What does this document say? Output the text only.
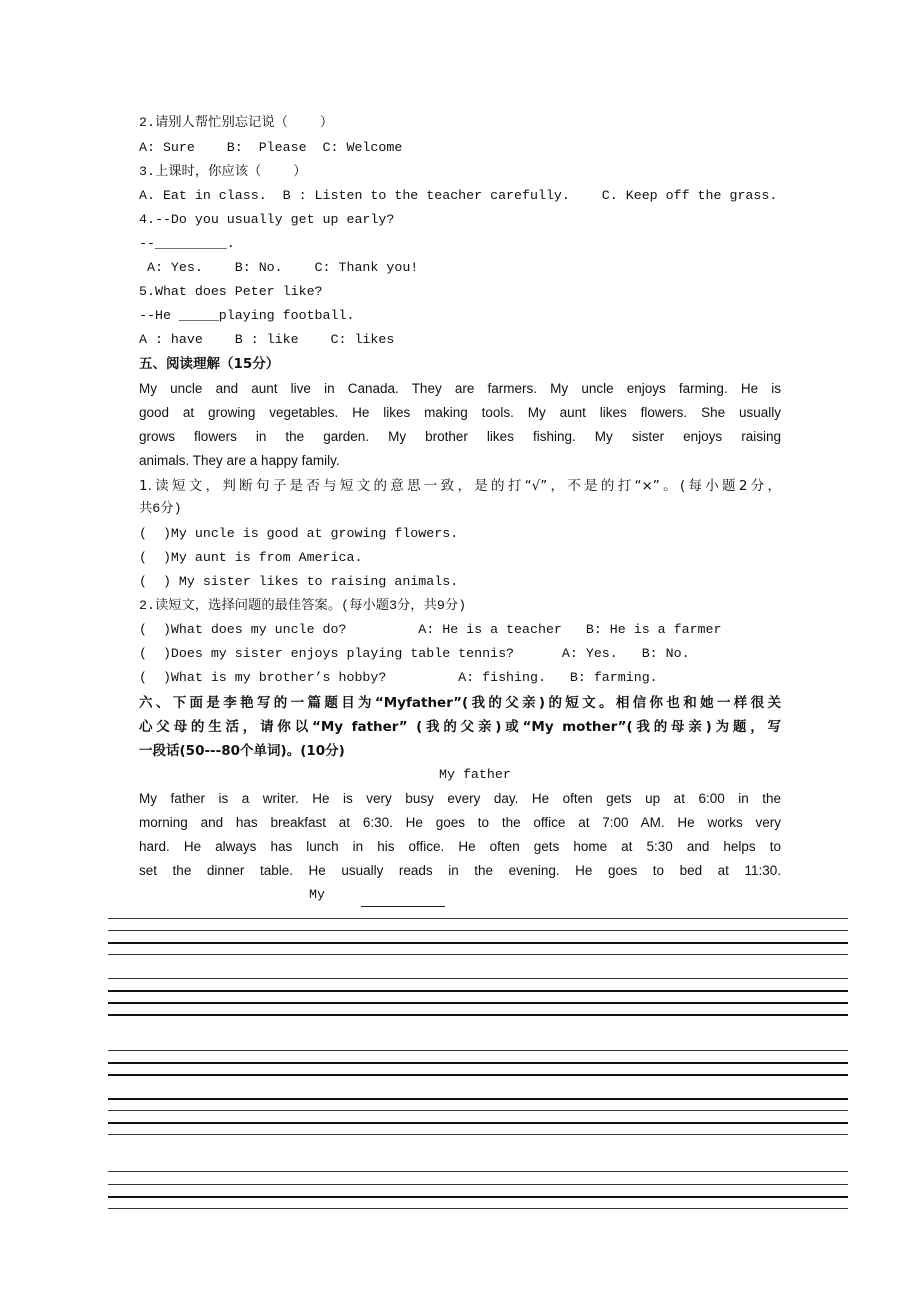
2.请别人帮忙别忘记说（    ）
A: Sure    B:  Please  C: Welcome
3.上课时，你应该（    ）
A. Eat in class.  B : Listen to the teacher carefully.    C. Keep off the grass.
4.--Do you usually get up early?
--_________.
A: Yes.    B: No.    C: Thank you!
5.What does Peter like?
--He _____playing football.
A : have    B : like    C: likes
五、阅读理解（15分）
My uncle and aunt live in Canada. They are farmers. My uncle enjoys farming. He is
good at growing vegetables. He likes making tools. My aunt likes flowers. She usually
grows flowers in the garden. My brother likes fishing. My sister enjoys raising
animals. They are a happy family.
1.读短文，判断句子是否与短文的意思一致，是的打“√”，不是的打“×”。(每小题2分，
共6分)
(  )My uncle is good at growing flowers.
(  )My aunt is from America.
(  ) My sister likes to raising animals.
2.读短文，选择问题的最佳答案。(每小题3分，共9分)
(  )What does my uncle do?         A: He is a teacher   B: He is a farmer
(  )Does my sister enjoys playing table tennis?      A: Yes.   B: No.
(  )What is my brother’s hobby?         A: fishing.   B: farming.
六、下面是李艳写的一篇题目为“Myfather”(我的父亲)的短文。相信你也和她一样很关
心父母的生活，请你以“My father” (我的父亲)或“My mother”(我的母亲)为题，写
一段话(50---80个单词)。(10分)
My father
My father is a writer. He is very busy every day. He often gets up at 6:00 in the
morning and has breakfast at 6:30. He goes to the office at 7:00 AM. He works very
hard. He always has lunch in his office. He often gets home at 5:30 and helps to
set the dinner table. He usually reads in the evening. He goes to bed at 11:30.
My
